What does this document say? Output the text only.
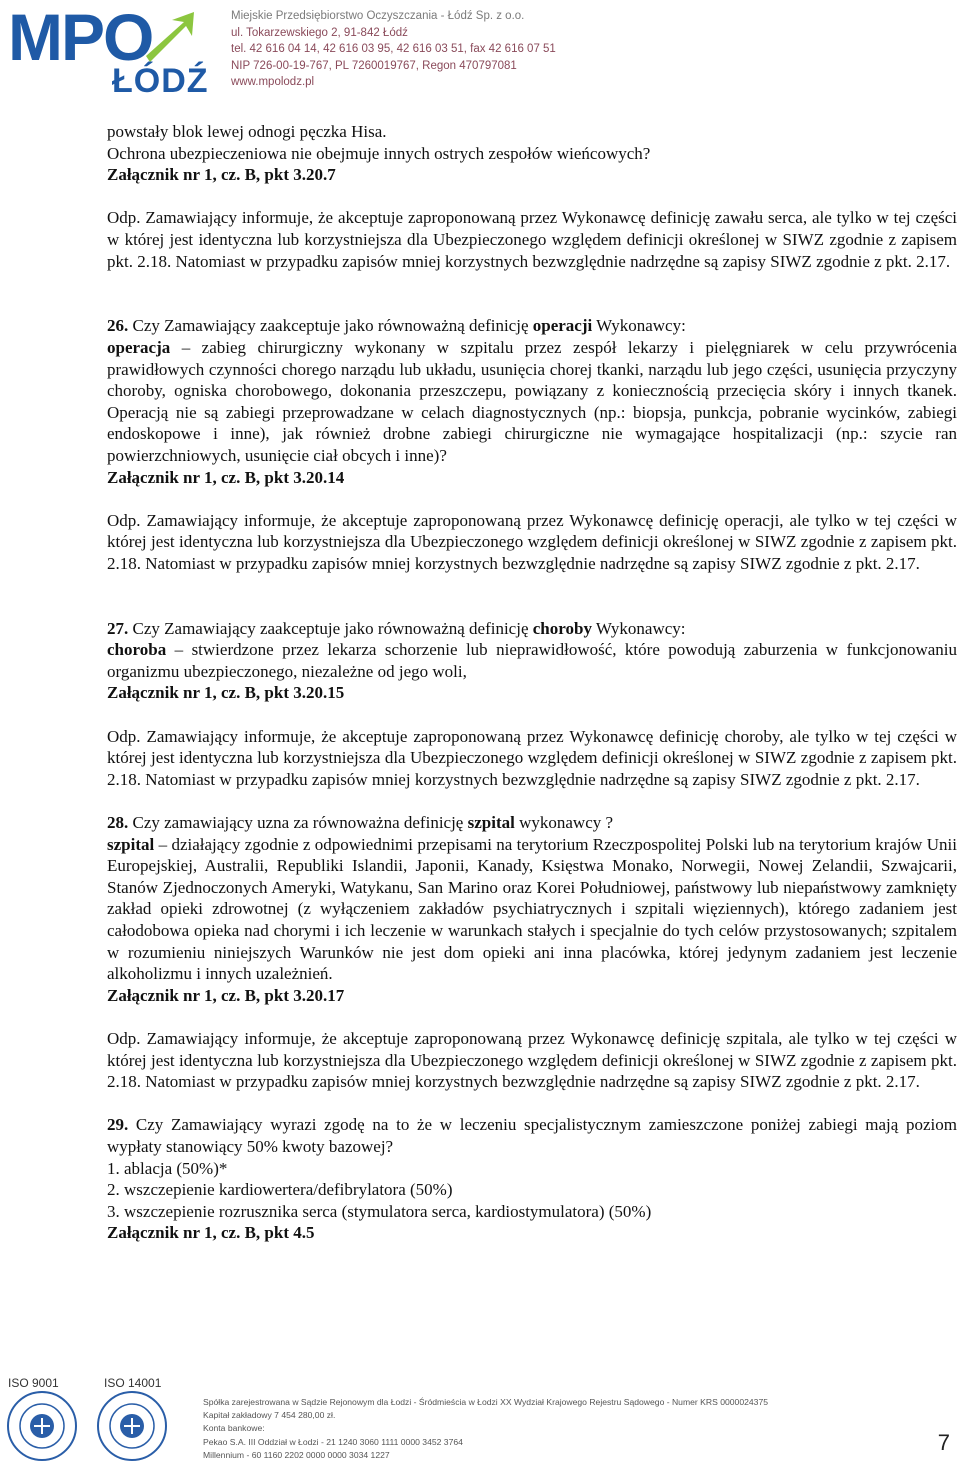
MPO
ŁÓDŹ
Miejskie Przedsiębiorstwo Oczyszczania - Łódź Sp. z o.o.
ul. Tokarzewskiego 2, 91-842 Łódź
tel. 42 616 04 14, 42 616 03 95, 42 616 03 51, fax 42 616 07 51
NIP 726-00-19-767, PL 7260019767, Regon 470797081
www.mpolodz.pl

powstały blok lewej odnogi pęczka Hisa.

Ochrona ubezpieczeniowa nie obejmuje innych ostrych zespołów wieńcowych?

Załącznik nr 1, cz. B, pkt 3.20.7

Odp. Zamawiający informuje, że akceptuje zaproponowaną przez Wykonawcę definicję zawału serca, ale tylko w tej części w której jest identyczna lub korzystniejsza dla Ubezpieczonego względem definicji określonej w SIWZ zgodnie z zapisem pkt. 2.18. Natomiast w przypadku zapisów mniej korzystnych bezwzględnie nadrzędne są zapisy SIWZ zgodnie z pkt. 2.17.

26. Czy Zamawiający zaakceptuje jako równoważną definicję operacji Wykonawcy:

operacja – zabieg chirurgiczny wykonany w szpitalu przez zespół lekarzy i pielęgniarek w celu przywrócenia prawidłowych czynności chorego narządu lub układu, usunięcia chorej tkanki, narządu lub jego części, usunięcia przyczyny choroby, ogniska chorobowego, dokonania przeszczepu, powiązany z koniecznością przecięcia skóry i innych tkanek. Operacją nie są zabiegi przeprowadzane w celach diagnostycznych (np.: biopsja, punkcja, pobranie wycinków, zabiegi endoskopowe i inne), jak również drobne zabiegi chirurgiczne nie wymagające hospitalizacji (np.: szycie ran powierzchniowych, usunięcie ciał obcych i inne)?

Załącznik nr 1, cz. B, pkt 3.20.14

Odp. Zamawiający informuje, że akceptuje zaproponowaną przez Wykonawcę definicję operacji, ale tylko w tej części w której jest identyczna lub korzystniejsza dla Ubezpieczonego względem definicji określonej w SIWZ zgodnie z zapisem pkt. 2.18. Natomiast w przypadku zapisów mniej korzystnych bezwzględnie nadrzędne są zapisy SIWZ zgodnie z pkt. 2.17.

27. Czy Zamawiający zaakceptuje jako równoważną definicję choroby Wykonawcy:

choroba – stwierdzone przez lekarza schorzenie lub nieprawidłowość, które powodują zaburzenia w funkcjonowaniu organizmu ubezpieczonego, niezależne od jego woli,

Załącznik nr 1, cz. B, pkt 3.20.15

Odp. Zamawiający informuje, że akceptuje zaproponowaną przez Wykonawcę definicję choroby, ale tylko w tej części w której jest identyczna lub korzystniejsza dla Ubezpieczonego względem definicji określonej w SIWZ zgodnie z zapisem pkt. 2.18. Natomiast w przypadku zapisów mniej korzystnych bezwzględnie nadrzędne są zapisy SIWZ zgodnie z pkt. 2.17.

28. Czy zamawiający uzna za równoważna definicję szpital wykonawcy ?

szpital – działający zgodnie z odpowiednimi przepisami na terytorium Rzeczpospolitej Polski lub na terytorium krajów Unii Europejskiej, Australii, Republiki Islandii, Japonii, Kanady, Księstwa Monako, Norwegii, Nowej Zelandii, Szwajcarii, Stanów Zjednoczonych Ameryki, Watykanu, San Marino oraz Korei Południowej, państwowy lub niepaństwowy zamknięty zakład opieki zdrowotnej (z wyłączeniem zakładów psychiatrycznych i szpitali więziennych), którego zadaniem jest całodobowa opieka nad chorymi i ich leczenie w warunkach stałych i specjalnie do tych celów przystosowanych; szpitalem w rozumieniu niniejszych Warunków nie jest dom opieki ani inna placówka, której jedynym zadaniem jest leczenie alkoholizmu i innych uzależnień.

Załącznik nr 1, cz. B, pkt 3.20.17

Odp. Zamawiający informuje, że akceptuje zaproponowaną przez Wykonawcę definicję szpitala, ale tylko w tej części w której jest identyczna lub korzystniejsza dla Ubezpieczonego względem definicji określonej w SIWZ zgodnie z zapisem pkt. 2.18. Natomiast w przypadku zapisów mniej korzystnych bezwzględnie nadrzędne są zapisy SIWZ zgodnie z pkt. 2.17.

29. Czy Zamawiający wyrazi zgodę na to że w leczeniu specjalistycznym zamieszczone poniżej zabiegi mają poziom wypłaty stanowiący 50% kwoty bazowej?

1. ablacja (50%)*

2. wszczepienie kardiowertera/defibrylatora (50%)

3. wszczepienie rozrusznika serca (stymulatora serca, kardiostymulatora) (50%)

Załącznik nr 1, cz. B, pkt 4.5

ISO 9001	ISO 14001
Spółka zarejestrowana w Sądzie Rejonowym dla Łodzi - Śródmieścia w Łodzi XX Wydział Krajowego Rejestru Sądowego - Numer KRS 0000024375
Kapitał zakładowy 7 454 280,00 zł.
Konta bankowe:
Pekao S.A. III Oddział w Łodzi - 21 1240 3060 1111 0000 3452 3764
Millennium - 60 1160 2202 0000 0000 3034 1227	7
